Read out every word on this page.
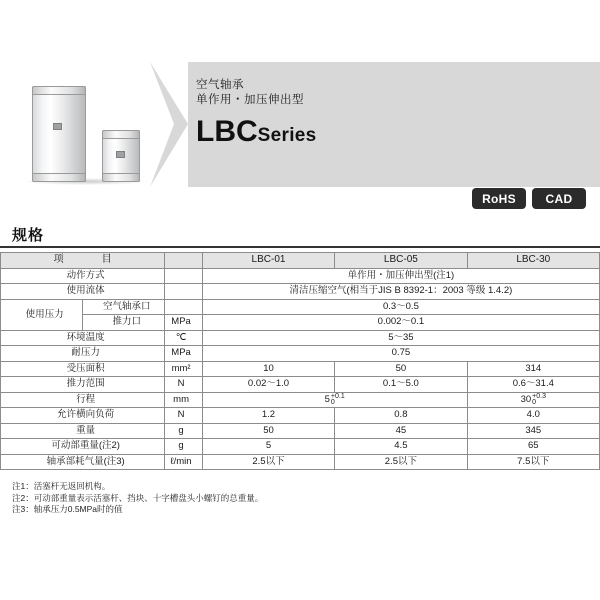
空气轴承
单作用・加压伸出型
LBCSeries
RoHS	CAD
规格
项　　目			LBC-01	LBC-05	LBC-30
动作方式			单作用・加压伸出型(注1)		
使用流体			清洁压缩空气(相当于JIS B 8392-1：2003 等级 1.4.2)		
使用压力	空气轴承口		0.3～0.5		
	推力口	MPa	0.002～0.1		
环境温度		℃	5～35		
耐压力		MPa	0.75		
受压面积		mm²	10	50	314
推力范围		N	0.02～1.0	0.1～5.0	0.6～31.4
行程		mm	5 $^{+0.1 0}$		30 $^{+0.3 0}$

允许横向负荷		N	1.2	0.8	4.0
重量		g	50	45	345
可动部重量(注2)		g	5	4.5	65
轴承部耗气量(注3)		ℓ/min	2.5以下	2.5以下	7.5以下
注1：活塞杆无返回机构。
注2：可动部重量表示活塞杆、挡块、十字槽盘头小螺钉的总重量。
注3：轴承压力0.5MPa时的值
